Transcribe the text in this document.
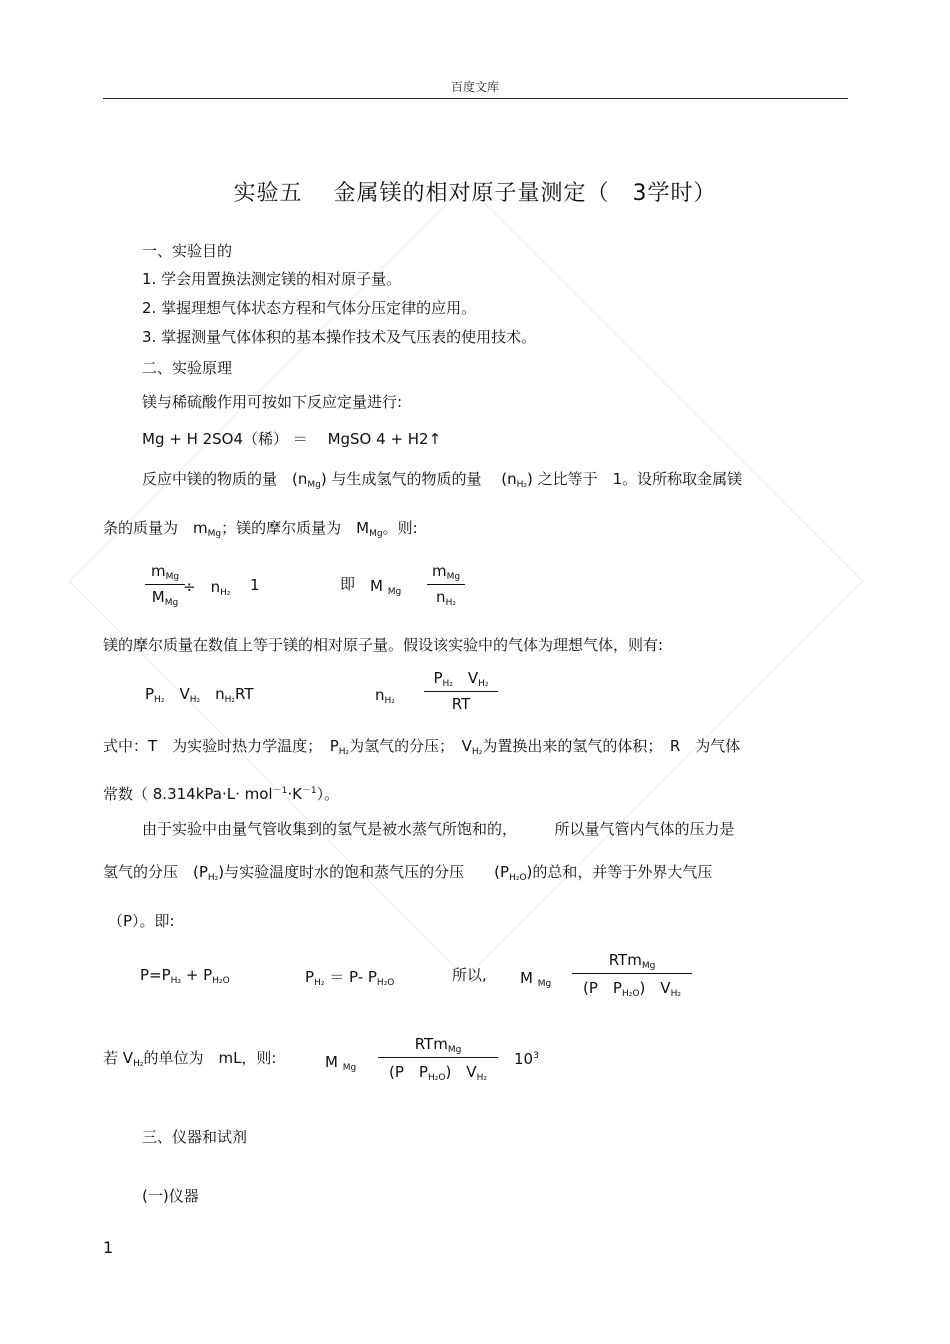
百度文库
实验五　 金属镁的相对原子量测定（　3学时）
一、实验目的
1. 学会用置换法测定镁的相对原子量。
2. 掌握理想气体状态方程和气体分压定律的应用。
3. 掌握测量气体体积的基本操作技术及气压表的使用技术。
二、实验原理
镁与稀硫酸作用可按如下反应定量进行:
Mg + H 2SO4（稀） ＝ 　MgSO 4 + H2↑
反应中镁的物质的量　$(n_{Mg})$ 与生成氢气的物质的量　 $(n_{H_2})$ 之比等于　1。设所称取金属镁
条的质量为　$m_{Mg}$；镁的摩尔质量为　$M_{Mg}$。则:
$m_{Mg}$
$M_{Mg}$
÷　$n_{H_2}$ 1	即 M $_{Mg}$
$m_{Mg}$
$n_{H_2}$
镁的摩尔质量在数值上等于镁的相对原子量。假设该实验中的气体为理想气体，则有:
$P_{H_2}$　 $V_{H_2}$　 $n_{H_2}RT$	$n_{H_2}$
$P_{H_2}$　 $V_{H_2}$
RT
式中：T　为实验时热力学温度；　 $P_{H_2}$为氢气的分压；　 $V_{H_2}$为置换出来的氢气的体积；　 R　为气体
常数（ $8.314kPa\cdot L\cdot mol^{-1}\cdot K^{-1}$）。
由于实验中由量气管收集到的氢气是被水蒸气所饱和的，　　　所以量气管内气体的压力是
氢气的分压　$(P_{H_2})$与实验温度时水的饱和蒸气压的分压　　$(P_{H_2O})$的总和，并等于外界大气压
（P）。即:
$P=P_{H_2} + P_{H_2O}$	$P_{H_2} = P-$ $P_{H_2O}$	所以, M $_{Mg}$
RTm$_{Mg}$
(P　$P_{H_2O}$)　$V_{H_2}$
若 $V_{H_2}$的单位为　mL，则:	M $_{Mg}$
RTm$_{Mg}$
(P　$P_{H_2O}$)　$V_{H_2}$
$10^3$
三、仪器和试剂
(一)仪器
1
